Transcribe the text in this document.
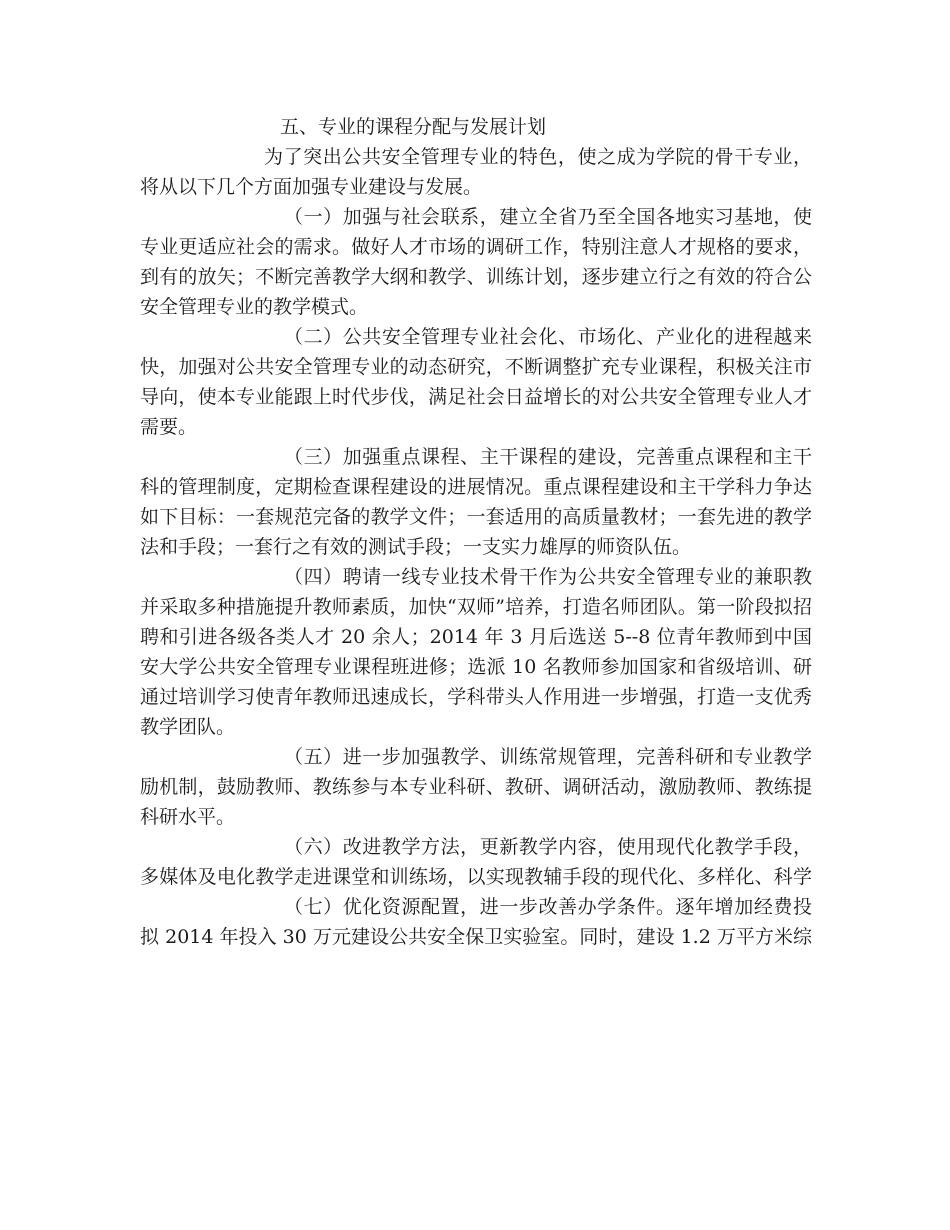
五、专业的课程分配与发展计划
为了突出公共安全管理专业的特色，使之成为学院的骨干专业，
将从以下几个方面加强专业建设与发展。
（一）加强与社会联系，建立全省乃至全国各地实习基地，使
专业更适应社会的需求。做好人才市场的调研工作，特别注意人才规格的要求，
到有的放矢；不断完善教学大纲和教学、训练计划，逐步建立行之有效的符合公
安全管理专业的教学模式。
（二）公共安全管理专业社会化、市场化、产业化的进程越来
快，加强对公共安全管理专业的动态研究，不断调整扩充专业课程，积极关注市
导向，使本专业能跟上时代步伐，满足社会日益增长的对公共安全管理专业人才
需要。
（三）加强重点课程、主干课程的建设，完善重点课程和主干
科的管理制度，定期检查课程建设的进展情况。重点课程建设和主干学科力争达
如下目标：一套规范完备的教学文件；一套适用的高质量教材；一套先进的教学
法和手段；一套行之有效的测试手段；一支实力雄厚的师资队伍。
（四）聘请一线专业技术骨干作为公共安全管理专业的兼职教
并采取多种措施提升教师素质，加快“双师”培养，打造名师团队。第一阶段拟招
聘和引进各级各类人才 20 余人；2014 年 3 月后选送 5--8 位青年教师到中国
安大学公共安全管理专业课程班进修；选派 10 名教师参加国家和省级培训、研
通过培训学习使青年教师迅速成长，学科带头人作用进一步增强，打造一支优秀
教学团队。
（五）进一步加强教学、训练常规管理，完善科研和专业教学
励机制，鼓励教师、教练参与本专业科研、教研、调研活动，激励教师、教练提
科研水平。
（六）改进教学方法，更新教学内容，使用现代化教学手段，
多媒体及电化教学走进课堂和训练场，以实现教辅手段的现代化、多样化、科学
（七）优化资源配置，进一步改善办学条件。逐年增加经费投
拟 2014 年投入 30 万元建设公共安全保卫实验室。同时，建设 1.2 万平方米综
